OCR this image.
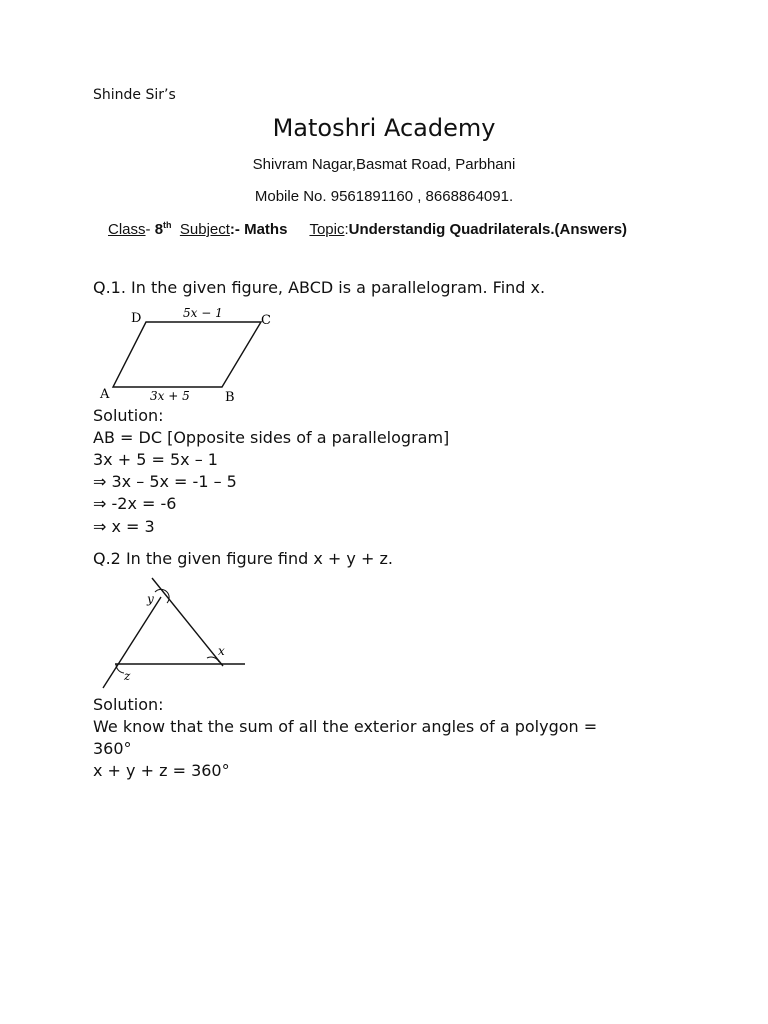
Shinde Sir’s
Matoshri Academy
Shivram Nagar,Basmat Road, Parbhani
Mobile No. 9561891160 , 8668864091.
Class- 8th Subject:- Maths Topic:Understandig Quadrilaterals.(Answers)
Q.1. In the given figure, ABCD is a parallelogram. Find x.
D	C
A	B
5x − 1
3x + 5
Solution:
AB = DC [Opposite sides of a parallelogram]
3x + 5 = 5x – 1
⇒ 3x – 5x = -1 – 5
⇒ -2x = -6
⇒ x = 3
Q.2 In the given figure find x + y + z.
y
x
z
Solution:
We know that the sum of all the exterior angles of a polygon =
360°
x + y + z = 360°
